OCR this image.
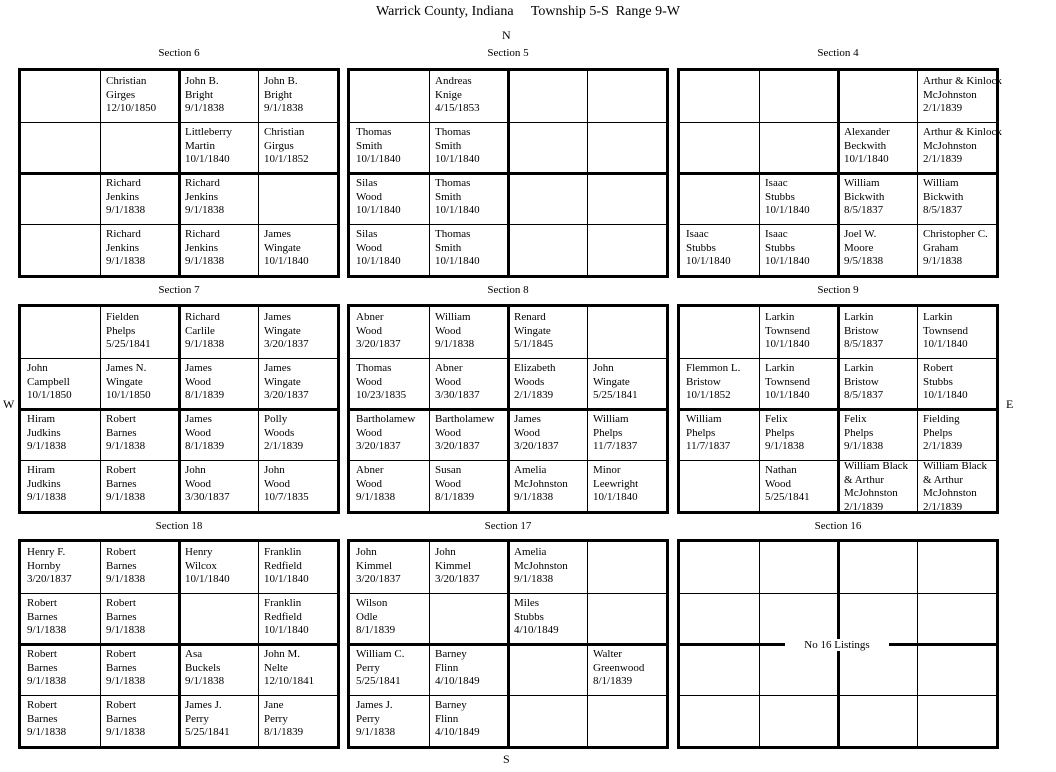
Warrick County, Indiana     Township 5-S  Range 9-W
N
S
W	E
Section 6
Christian
Girges
12/10/1850
John B.
Bright
9/1/1838
John B.
Bright
9/1/1838
Littleberry
Martin
10/1/1840
Christian
Girgus
10/1/1852
Richard
Jenkins
9/1/1838
Richard
Jenkins
9/1/1838
Richard
Jenkins
9/1/1838
Richard
Jenkins
9/1/1838
James
Wingate
10/1/1840
Section 5
Andreas
Knige
4/15/1853
Thomas
Smith
10/1/1840
Thomas
Smith
10/1/1840
Silas
Wood
10/1/1840
Thomas
Smith
10/1/1840
Silas
Wood
10/1/1840
Thomas
Smith
10/1/1840
Section 4
Arthur & Kinlock
McJohnston
2/1/1839
Alexander
Beckwith
10/1/1840
Arthur & Kinlock
McJohnston
2/1/1839
Isaac
Stubbs
10/1/1840
William
Bickwith
8/5/1837
William
Bickwith
8/5/1837
Isaac
Stubbs
10/1/1840
Isaac
Stubbs
10/1/1840
Joel W.
Moore
9/5/1838
Christopher C.
Graham
9/1/1838
Section 7
Fielden
Phelps
5/25/1841
Richard
Carlile
9/1/1838
James
Wingate
3/20/1837
John
Campbell
10/1/1850
James N.
Wingate
10/1/1850
James
Wood
8/1/1839
James
Wingate
3/20/1837
Hiram
Judkins
9/1/1838
Robert
Barnes
9/1/1838
James
Wood
8/1/1839
Polly
Woods
2/1/1839
Hiram
Judkins
9/1/1838
Robert
Barnes
9/1/1838
John
Wood
3/30/1837
John
Wood
10/7/1835
Section 8
Abner
Wood
3/20/1837
William
Wood
9/1/1838
Renard
Wingate
5/1/1845
Thomas
Wood
10/23/1835
Abner
Wood
3/30/1837
Elizabeth
Woods
2/1/1839
John
Wingate
5/25/1841
Bartholamew
Wood
3/20/1837
Bartholamew
Wood
3/20/1837
James
Wood
3/20/1837
William
Phelps
11/7/1837
Abner
Wood
9/1/1838
Susan
Wood
8/1/1839
Amelia
McJohnston
9/1/1838
Minor
Leewright
10/1/1840
Section 9
Larkin
Townsend
10/1/1840
Larkin
Bristow
8/5/1837
Larkin
Townsend
10/1/1840
Flemmon L.
Bristow
10/1/1852
Larkin
Townsend
10/1/1840
Larkin
Bristow
8/5/1837
Robert
Stubbs
10/1/1840
William
Phelps
11/7/1837
Felix
Phelps
9/1/1838
Felix
Phelps
9/1/1838
Fielding
Phelps
2/1/1839
Nathan
Wood
5/25/1841
William Black
& Arthur
McJohnston
2/1/1839
William Black
& Arthur
McJohnston
2/1/1839
Section 18
Henry F.
Hornby
3/20/1837
Robert
Barnes
9/1/1838
Henry
Wilcox
10/1/1840
Franklin
Redfield
10/1/1840
Robert
Barnes
9/1/1838
Robert
Barnes
9/1/1838
Franklin
Redfield
10/1/1840
Robert
Barnes
9/1/1838
Robert
Barnes
9/1/1838
Asa
Buckels
9/1/1838
John M.
Nelte
12/10/1841
Robert
Barnes
9/1/1838
Robert
Barnes
9/1/1838
James J.
Perry
5/25/1841
Jane
Perry
8/1/1839
Section 17
John
Kimmel
3/20/1837
John
Kimmel
3/20/1837
Amelia
McJohnston
9/1/1838
Wilson
Odle
8/1/1839
Miles
Stubbs
4/10/1849
William C.
Perry
5/25/1841
Barney
Flinn
4/10/1849
Walter
Greenwood
8/1/1839
James J.
Perry
9/1/1838
Barney
Flinn
4/10/1849
Section 16
No 16 Listings
